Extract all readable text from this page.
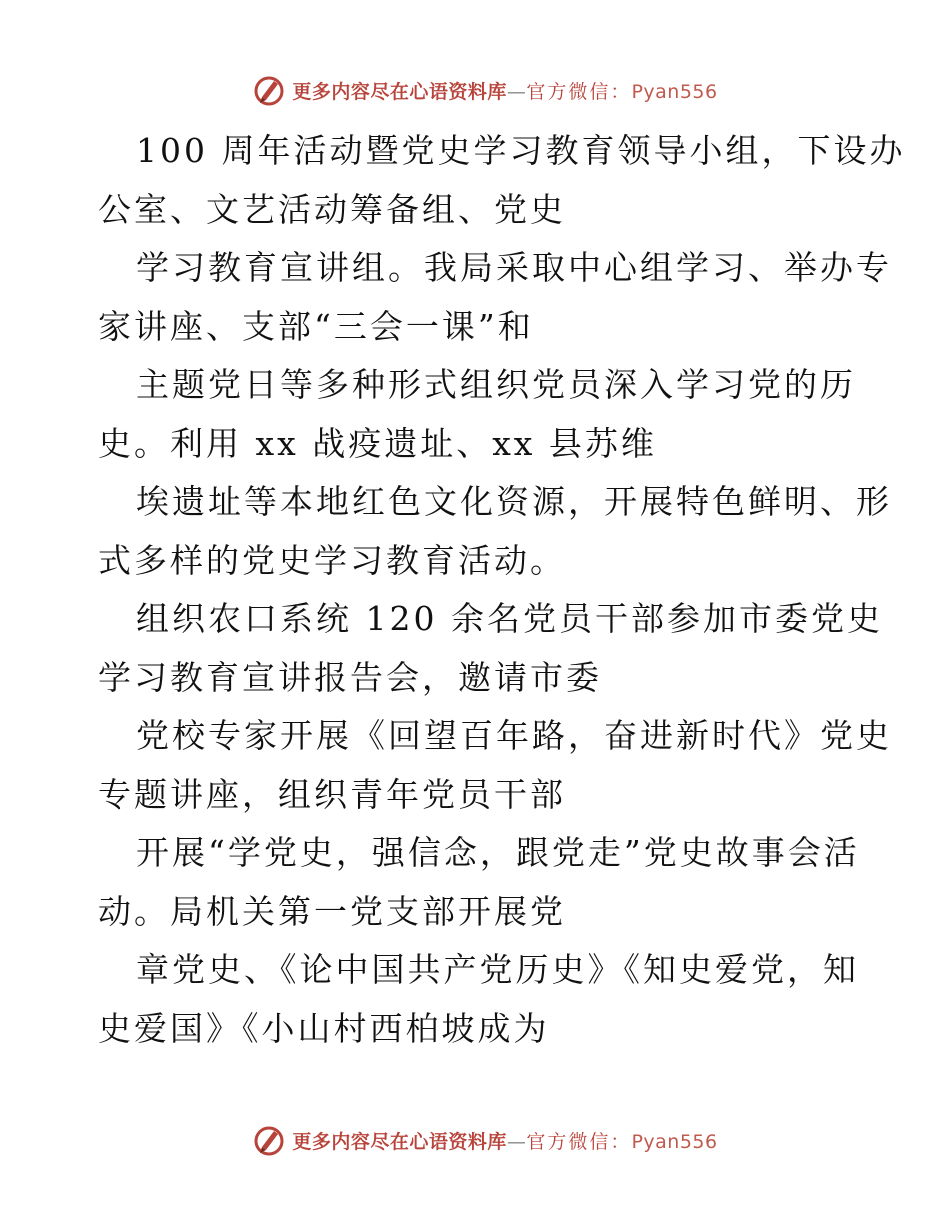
更多内容尽在心语资料库—官方微信：Pyan556
100 周年活动暨党史学习教育领导小组，下设办
公室、文艺活动筹备组、党史
学习教育宣讲组。我局采取中心组学习、举办专
家讲座、支部“三会一课”和
主题党日等多种形式组织党员深入学习党的历
史。利用 xx 战疫遗址、xx 县苏维
埃遗址等本地红色文化资源，开展特色鲜明、形
式多样的党史学习教育活动。
组织农口系统 120 余名党员干部参加市委党史
学习教育宣讲报告会，邀请市委
党校专家开展《回望百年路，奋进新时代》党史
专题讲座，组织青年党员干部
开展“学党史，强信念，跟党走”党史故事会活
动。局机关第一党支部开展党
章党史、《论中国共产党历史》《知史爱党，知
史爱国》《小山村西柏坡成为
更多内容尽在心语资料库—官方微信：Pyan556
